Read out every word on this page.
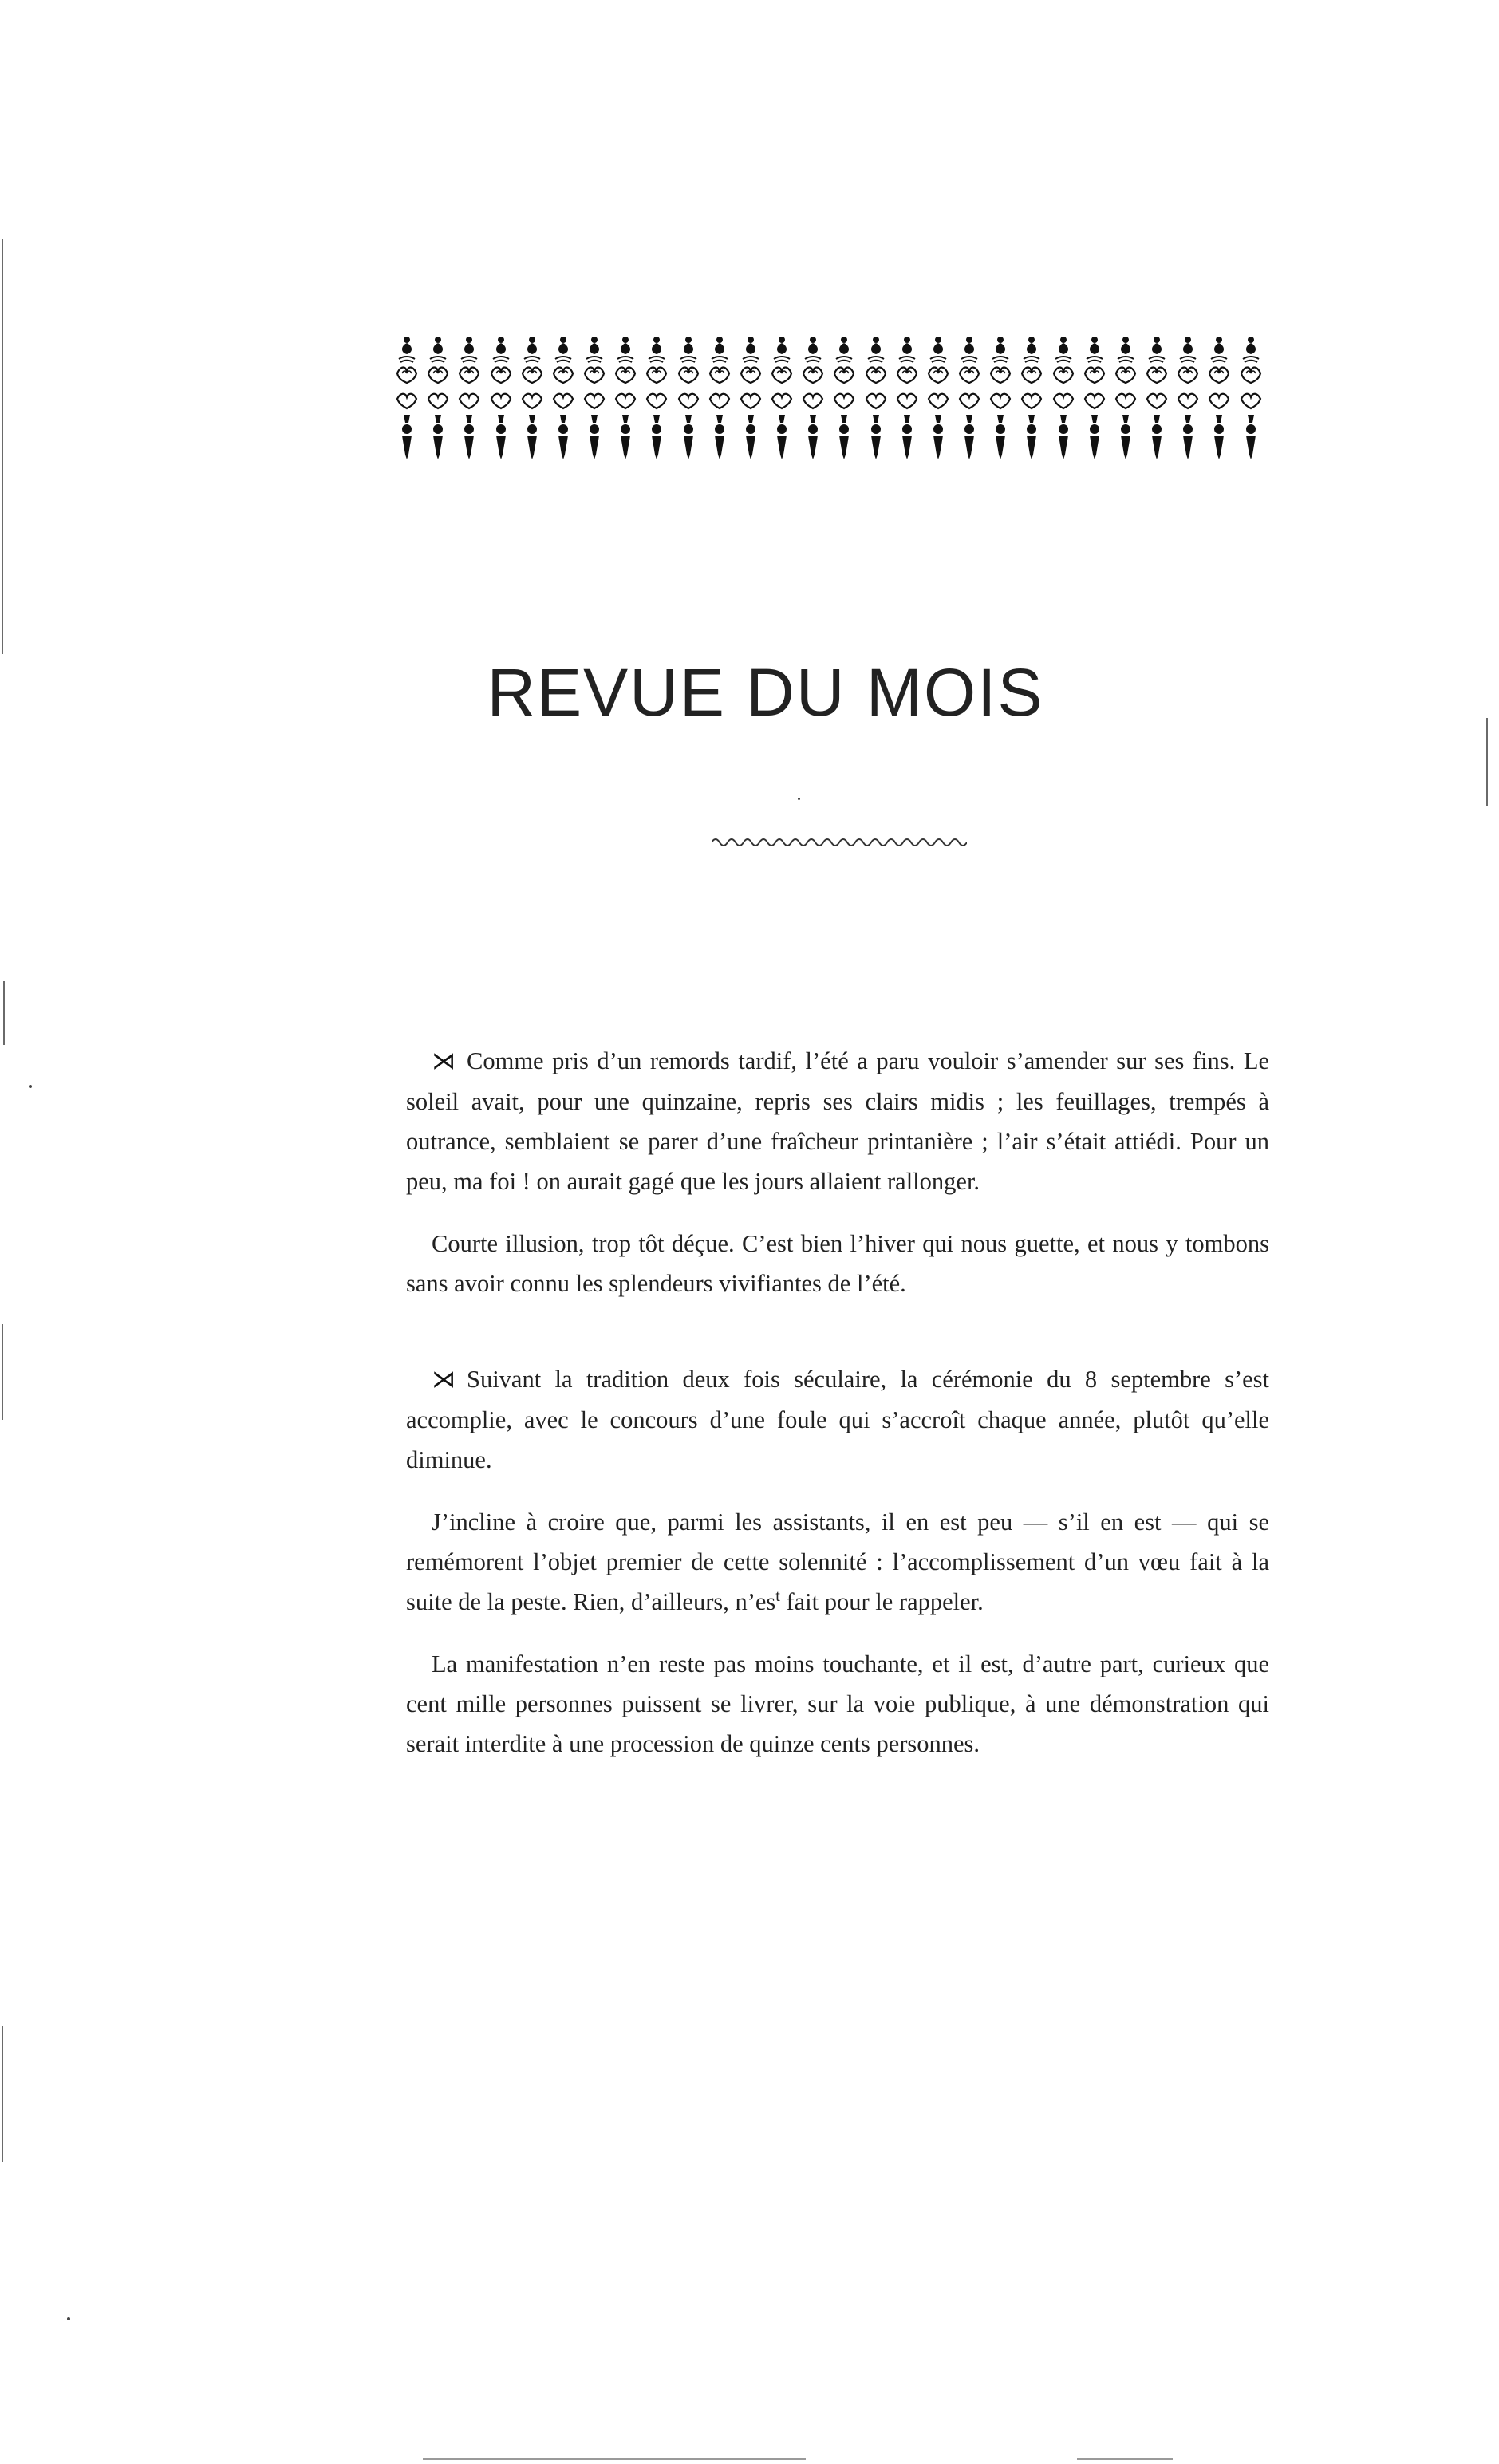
REVUE DU MOIS

⋊ Comme pris d’un remords tardif, l’été a paru vouloir s’amender sur ses fins. Le soleil avait, pour une quinzaine, repris ses clairs midis ; les feuillages, trempés à outrance, semblaient se parer d’une fraîcheur printanière ; l’air s’était attiédi. Pour un peu, ma foi ! on aurait gagé que les jours allaient rallonger.

Courte illusion, trop tôt déçue. C’est bien l’hiver qui nous guette, et nous y tombons sans avoir connu les splendeurs vivifiantes de l’été.

⋊ Suivant la tradition deux fois séculaire, la cérémonie du 8 septembre s’est accomplie, avec le concours d’une foule qui s’accroît chaque année, plutôt qu’elle diminue.

J’incline à croire que, parmi les assistants, il en est peu — s’il en est — qui se remémorent l’objet premier de cette solennité : l’accomplissement d’un vœu fait à la suite de la peste. Rien, d’ailleurs, $n’es^t$ fait pour le rappeler.

La manifestation n’en reste pas moins touchante, et il est, d’autre part, curieux que cent mille personnes puissent se livrer, sur la voie publique, à une démonstration qui serait interdite à une procession de quinze cents personnes.
